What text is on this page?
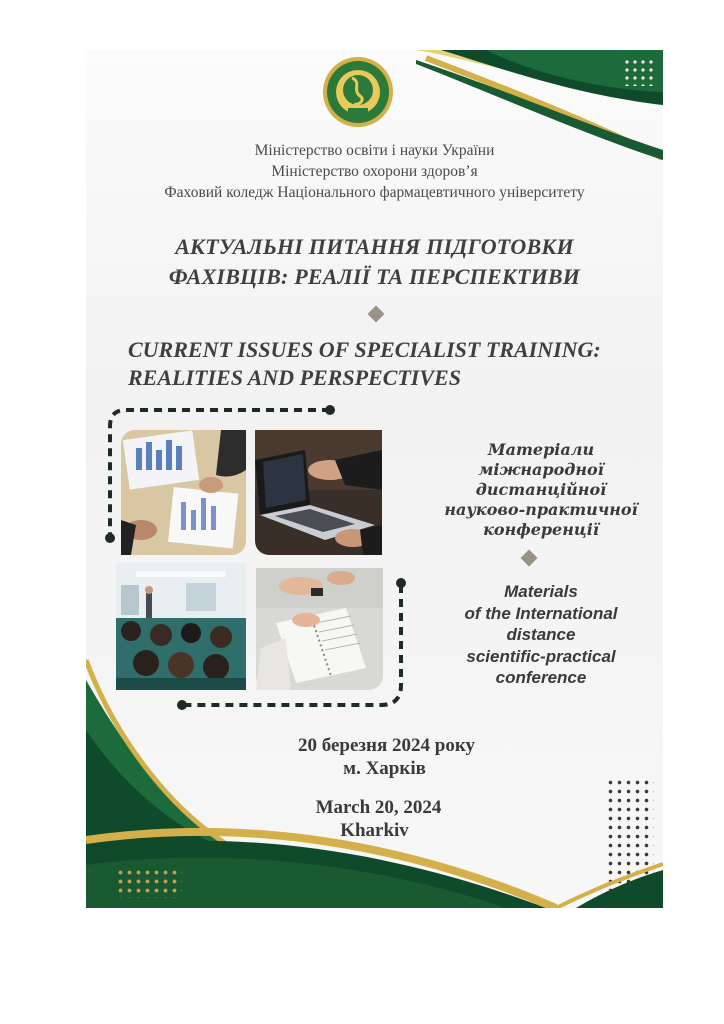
Міністерство освіти і науки України
Міністерство охорони здоров’я
Фаховий коледж Національного фармацевтичного університету
АКТУАЛЬНІ ПИТАННЯ ПІДГОТОВКИ
ФАХІВЦІВ: РЕАЛІЇ ТА ПЕРСПЕКТИВИ
CURRENT ISSUES OF SPECIALIST TRAINING:
REALITIES AND PERSPECTIVES
Матеріали
міжнародної
дистанційної
науково-практичної
конференції
Materials
of the International
distance
scientific-practical
conference
20 березня 2024 року
м. Харків
March 20, 2024
Kharkiv
